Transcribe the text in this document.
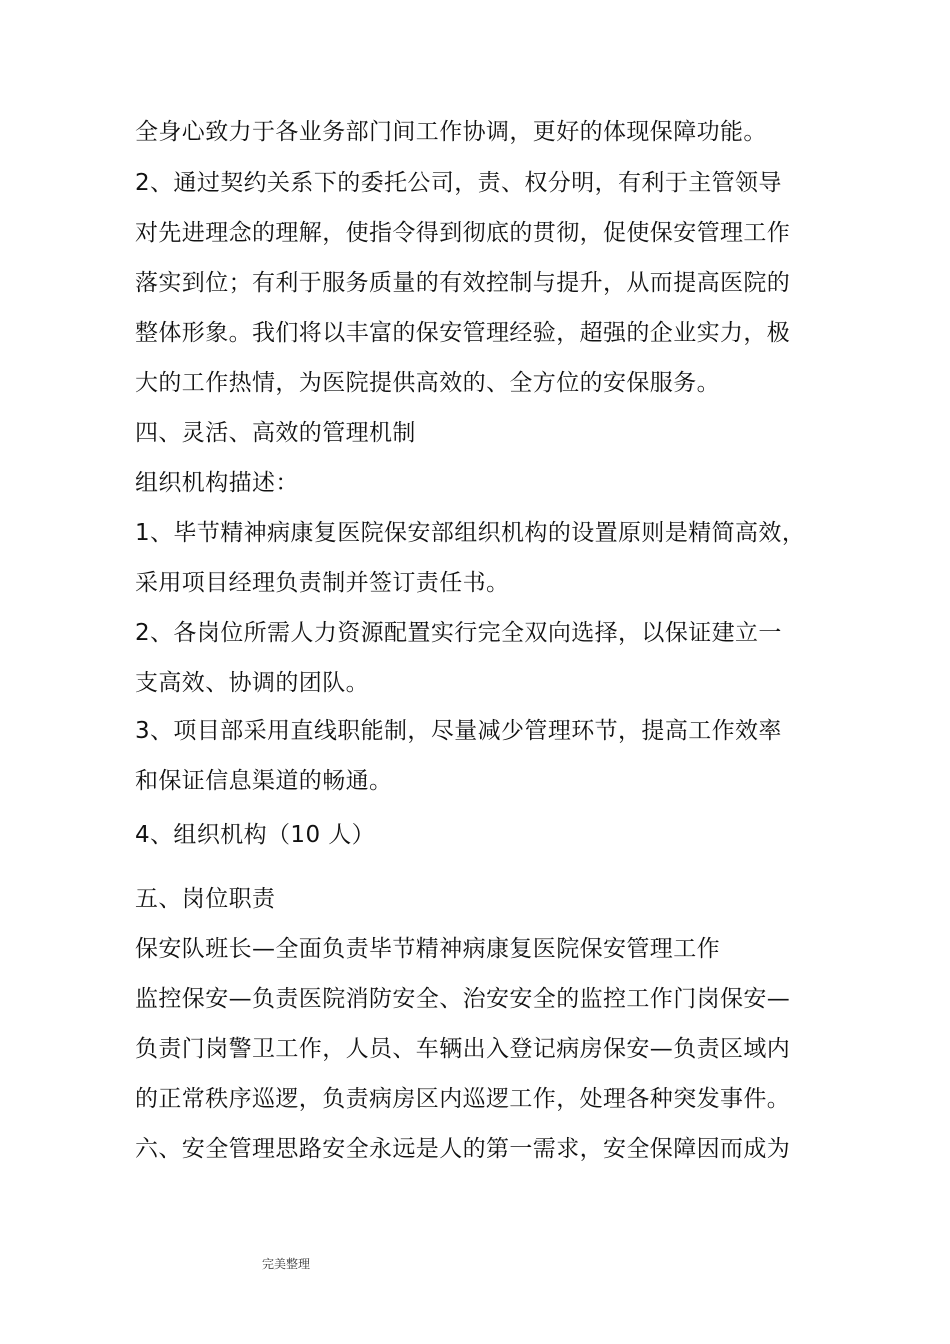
全身心致力于各业务部门间工作协调，更好的体现保障功能。
2、通过契约关系下的委托公司，责、权分明，有利于主管领导
对先进理念的理解，使指令得到彻底的贯彻，促使保安管理工作
落实到位；有利于服务质量的有效控制与提升，从而提高医院的
整体形象。我们将以丰富的保安管理经验，超强的企业实力，极
大的工作热情，为医院提供高效的、全方位的安保服务。
四、灵活、高效的管理机制
组织机构描述：
1、毕节精神病康复医院保安部组织机构的设置原则是精简高效，
采用项目经理负责制并签订责任书。
2、各岗位所需人力资源配置实行完全双向选择，以保证建立一
支高效、协调的团队。
3、项目部采用直线职能制，尽量减少管理环节，提高工作效率
和保证信息渠道的畅通。
4、组织机构（10 人）
五、岗位职责
保安队班长—全面负责毕节精神病康复医院保安管理工作
监控保安—负责医院消防安全、治安安全的监控工作门岗保安—
负责门岗警卫工作，人员、车辆出入登记病房保安—负责区域内
的正常秩序巡逻，负责病房区内巡逻工作，处理各种突发事件。
六、安全管理思路安全永远是人的第一需求，安全保障因而成为
完美整理
